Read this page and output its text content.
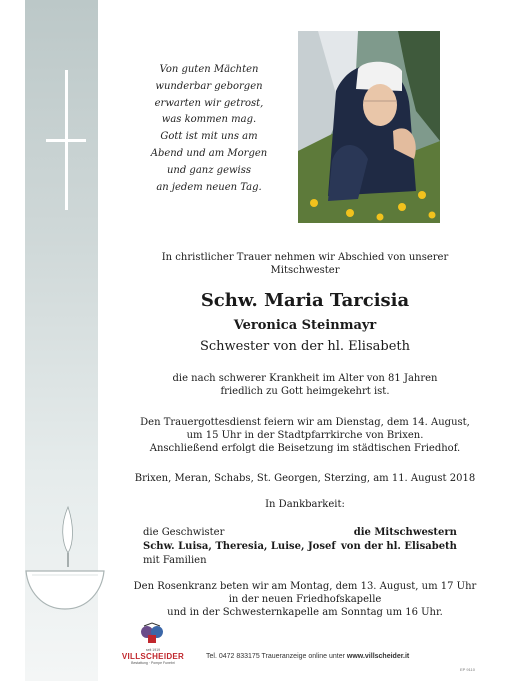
Von guten Mächten
wunderbar geborgen
erwarten wir getrost,
was kommen mag.
Gott ist mit uns am
Abend und am Morgen
und ganz gewiss
an jedem neuen Tag.
In christlicher Trauer nehmen wir Abschied von unserer
Mitschwester
Schw. Maria Tarcisia
Veronica Steinmayr
Schwester von der hl. Elisabeth
die nach schwerer Krankheit im Alter von 81 Jahren
friedlich zu Gott heimgekehrt ist.
Den Trauergottesdienst feiern wir am Dienstag, dem 14. August,
um 15 Uhr in der Stadtpfarrkirche von Brixen.
Anschließend erfolgt die Beisetzung im städtischen Friedhof.
Brixen, Meran, Schabs, St. Georgen, Sterzing, am 11. August 2018
In Dankbarkeit:
die Geschwister
Schw. Luisa, Theresia, Luise, Josef
mit Familien
die Mitschwestern
von der hl. Elisabeth
Den Rosenkranz beten wir am Montag, dem 13. August, um 17 Uhr
in der neuen Friedhofskapelle
und in der Schwesternkapelle am Sonntag um 16 Uhr.
seit 1919
VILLSCHEIDER
Bestattung · Pompe Funebri
Tel. 0472 833175 Traueranzeige online unter www.villscheider.it
EP 9110
